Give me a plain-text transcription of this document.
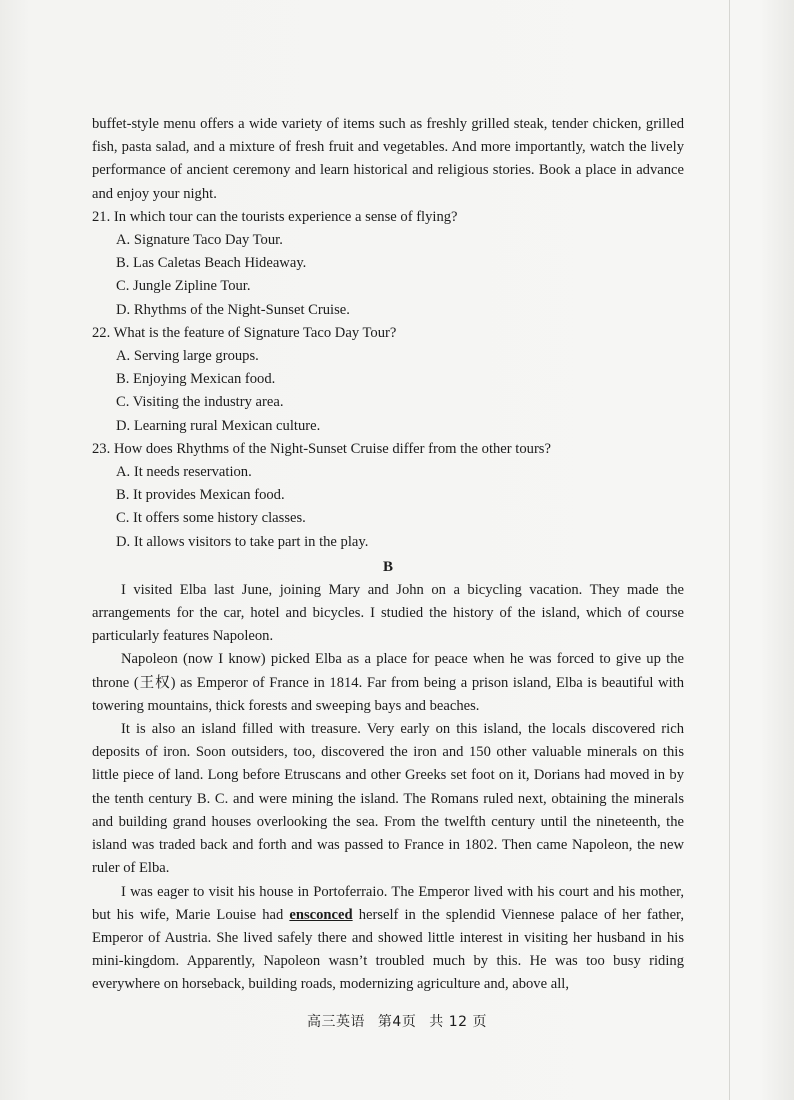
buffet-style menu offers a wide variety of items such as freshly grilled steak, tender chicken, grilled fish, pasta salad, and a mixture of fresh fruit and vegetables. And more importantly, watch the lively performance of ancient ceremony and learn historical and religious stories. Book a place in advance and enjoy your night.

21. In which tour can the tourists experience a sense of flying?

A. Signature Taco Day Tour.

B. Las Caletas Beach Hideaway.

C. Jungle Zipline Tour.

D. Rhythms of the Night-Sunset Cruise.

22. What is the feature of Signature Taco Day Tour?

A. Serving large groups.

B. Enjoying Mexican food.

C. Visiting the industry area.

D. Learning rural Mexican culture.

23. How does Rhythms of the Night-Sunset Cruise differ from the other tours?

A. It needs reservation.

B. It provides Mexican food.

C. It offers some history classes.

D. It allows visitors to take part in the play.

B

I visited Elba last June, joining Mary and John on a bicycling vacation. They made the arrangements for the car, hotel and bicycles. I studied the history of the island, which of course particularly features Napoleon.

Napoleon (now I know) picked Elba as a place for peace when he was forced to give up the throne (王权) as Emperor of France in 1814. Far from being a prison island, Elba is beautiful with towering mountains, thick forests and sweeping bays and beaches.

It is also an island filled with treasure. Very early on this island, the locals discovered rich deposits of iron. Soon outsiders, too, discovered the iron and 150 other valuable minerals on this little piece of land. Long before Etruscans and other Greeks set foot on it, Dorians had moved in by the tenth century B. C. and were mining the island. The Romans ruled next, obtaining the minerals and building grand houses overlooking the sea. From the twelfth century until the nineteenth, the island was traded back and forth and was passed to France in 1802. Then came Napoleon, the new ruler of Elba.

I was eager to visit his house in Portoferraio. The Emperor lived with his court and his mother, but his wife, Marie Louise had ensconced herself in the splendid Viennese palace of her father, Emperor of Austria. She lived safely there and showed little interest in visiting her husband in his mini-kingdom. Apparently, Napoleon wasn’t troubled much by this. He was too busy riding everywhere on horseback, building roads, modernizing agriculture and, above all,

高三英语 第4页 共 12 页
